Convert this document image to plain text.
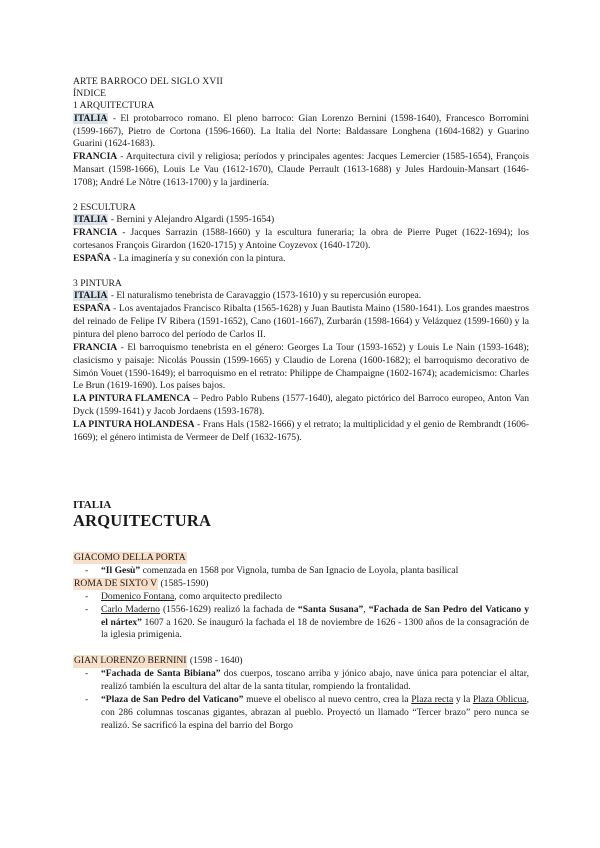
ARTE BARROCO DEL SIGLO XVII
ÍNDICE
1 ARQUITECTURA

ITALIA - El protobarroco romano. El pleno barroco: Gian Lorenzo Bernini (1598-1640), Francesco Borromini (1599-1667), Pietro de Cortona (1596-1660). La Italia del Norte: Baldassare Longhena (1604-1682) y Guarino Guarini (1624-1683).

FRANCIA - Arquitectura civil y religiosa; períodos y principales agentes: Jacques Lemercier (1585-1654), François Mansart (1598-1666), Louis Le Vau (1612-1670), Claude Perrault (1613-1688) y Jules Hardouin-Mansart (1646-1708); André Le Nôtre (1613-1700) y la jardinería.

2 ESCULTURA

ITALIA - Bernini y Alejandro Algardi (1595-1654)

FRANCIA - Jacques Sarrazin (1588-1660) y la escultura funeraria; la obra de Pierre Puget (1622-1694); los cortesanos François Girardon (1620-1715) y Antoine Coyzevox (1640-1720).

ESPAÑA - La imaginería y su conexión con la pintura.

3 PINTURA

ITALIA - El naturalismo tenebrista de Caravaggio (1573-1610) y su repercusión europea.

ESPAÑA - Los aventajados Francisco Ribalta (1565-1628) y Juan Bautista Maino (1580-1641). Los grandes maestros del reinado de Felipe IV Ribera (1591-1652), Cano (1601-1667), Zurbarán (1598-1664) y Velázquez (1599-1660) y la pintura del pleno barroco del período de Carlos II.

FRANCIA - El barroquismo tenebrista en el género: Georges La Tour (1593-1652) y Louis Le Nain (1593-1648); clasicismo y paisaje: Nicolás Poussin (1599-1665) y Claudio de Lorena (1600-1682); el barroquismo decorativo de Simón Vouet (1590-1649); el barroquismo en el retrato: Philippe de Champaigne (1602-1674); academicismo: Charles Le Brun (1619-1690). Los países bajos.

LA PINTURA FLAMENCA – Pedro Pablo Rubens (1577-1640), alegato pictórico del Barroco europeo, Anton Van Dyck (1599-1641) y Jacob Jordaens (1593-1678).

LA PINTURA HOLANDESA - Frans Hals (1582-1666) y el retrato; la multiplicidad y el genio de Rembrandt (1606-1669); el género intimista de Vermeer de Delf (1632-1675).

ITALIA
ARQUITECTURA
GIACOMO DELLA PORTA
- “Il Gesù” comenzada en 1568 por Vignola, tumba de San Ignacio de Loyola, planta basilical
ROMA DE SIXTO V (1585-1590)
- Domenico Fontana, como arquitecto predilecto
- Carlo Maderno (1556-1629) realizó la fachada de “Santa Susana”, “Fachada de San Pedro del Vaticano y el nártex” 1607 a 1620. Se inauguró la fachada el 18 de noviembre de 1626 - 1300 años de la consagración de la iglesia primigenia.
GIAN LORENZO BERNINI (1598 - 1640)
- “Fachada de Santa Bibiana” dos cuerpos, toscano arriba y jónico abajo, nave única para potenciar el altar, realizó también la escultura del altar de la santa titular, rompiendo la frontalidad.
- “Plaza de San Pedro del Vaticano” mueve el obelisco al nuevo centro, crea la Plaza recta y la Plaza Oblicua, con 286 columnas toscanas gigantes, abrazan al pueblo. Proyectó un llamado “Tercer brazo” pero nunca se realizó. Se sacrificó la espina del barrio del Borgo
